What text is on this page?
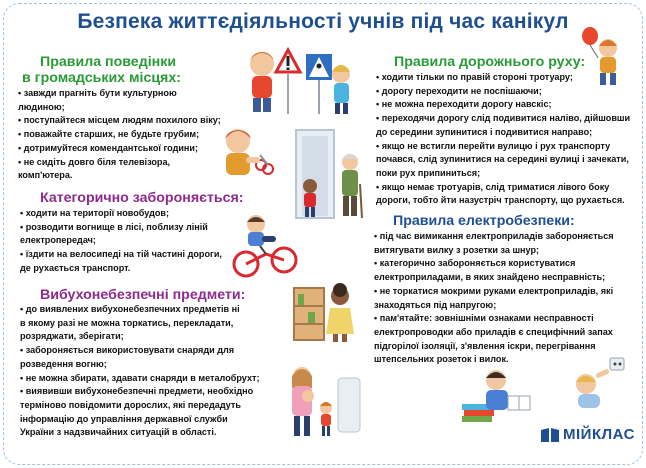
Безпека життєдіяльності учнів під час канікул
Правила поведінки
в громадських місцях:
• завжди прагніть бути культурною
людиною;
• поступайтеся місцем людям похилого віку;
• поважайте старших, не будьте грубим;
• дотримуйтеся комендантської години;
• не сидіть довго біля телевізора,
комп'ютера.
Категорично забороняється:
• ходити на території новобудов;
• розводити вогнище в лісі, поблизу ліній
електропередач;
• їздити на велосипеді на тій частині дороги,
де рухається транспорт.
Вибухонебезпечні предмети:
• до виявлених вибухонебезпечних предметів ні
в якому разі не можна торкатись, перекладати,
розряджати, зберігати;
• забороняється використовувати снаряди для
розведення вогню;
• не можна збирати, здавати снаряди в металобрухт;
• виявивши вибухонебезпечні предмети, необхідно
терміново повідомити дорослих, які передадуть
інформацію до управління державної служби
України з надзвичайних ситуацій в області.
Правила дорожнього руху:
• ходити тільки по правій стороні тротуару;
• дорогу переходити не поспішаючи;
• не можна переходити дорогу навскіс;
• переходячи дорогу слід подивитися наліво, дійшовши
до середини зупинитися і подивитися направо;
• якщо не встигли перейти вулицю і рух транспорту
почався, слід зупинитися на середині вулиці і зачекати,
поки рух припиниться;
• якщо немає тротуарів, слід триматися лівого боку
дороги, тобто йти назустріч транспорту, що рухається.
Правила електробезпеки:
• під час вимикання електроприладів забороняється
витягувати вилку з розетки за шнур;
• категорично забороняється користуватися
електроприладами, в яких знайдено несправність;
• не торкатися мокрими руками електроприладів, які
знаходяться під напругою;
• пам'ятайте: зовнішніми ознаками несправності
електропроводки або приладів є специфічний запах
підгорілої ізоляції, з'явлення іскри, перегрівання
штепсельних розеток і вилок.
МІЙКЛАС
